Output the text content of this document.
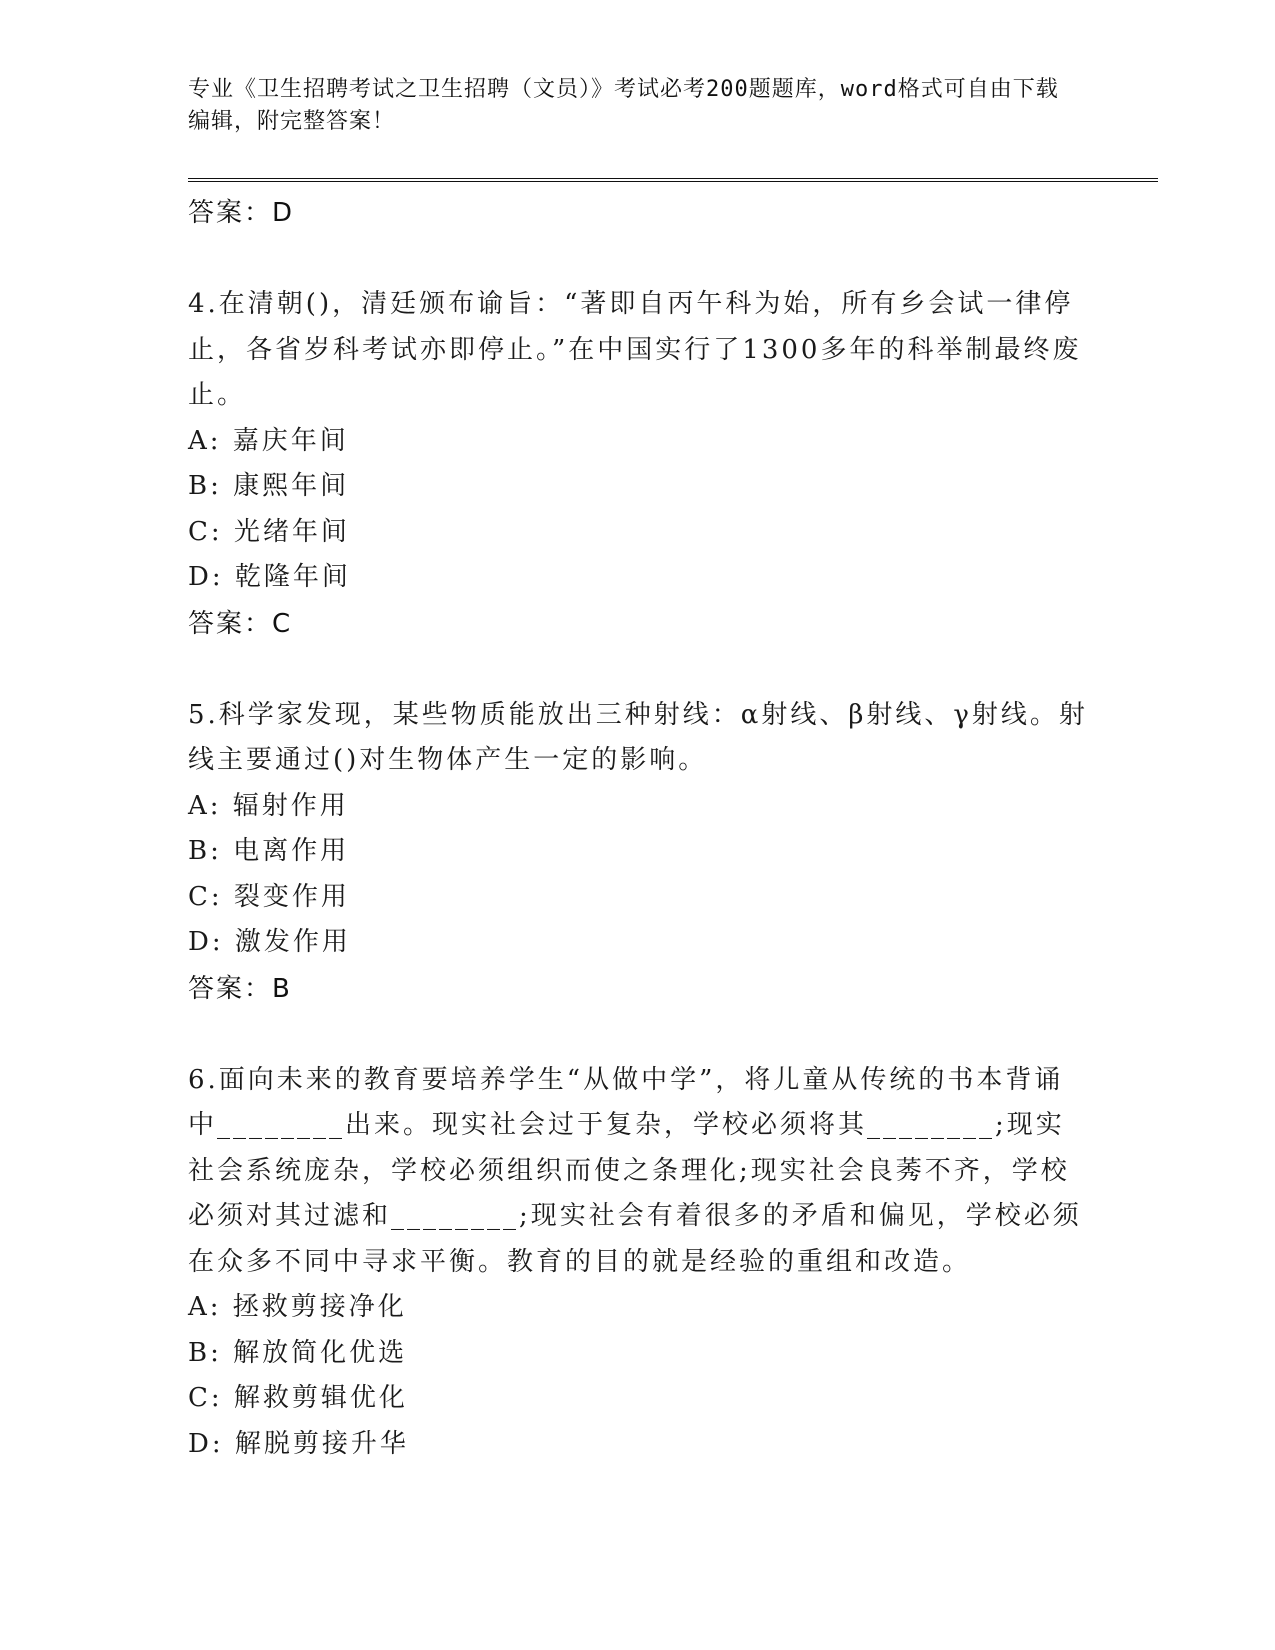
专业《卫生招聘考试之卫生招聘（文员）》考试必考200题题库，word格式可自由下载编辑，附完整答案！
答案：D
4.在清朝()，清廷颁布谕旨：“著即自丙午科为始，所有乡会试一律停止，各省岁科考试亦即停止。”在中国实行了1300多年的科举制最终废止。
A: 嘉庆年间
B: 康熙年间
C: 光绪年间
D: 乾隆年间
答案：C
5.科学家发现，某些物质能放出三种射线：α射线、β射线、γ射线。射线主要通过()对生物体产生一定的影响。
A: 辐射作用
B: 电离作用
C: 裂变作用
D: 激发作用
答案：B
6.面向未来的教育要培养学生“从做中学”，将儿童从传统的书本背诵中________出来。现实社会过于复杂，学校必须将其________;现实社会系统庞杂，学校必须组织而使之条理化;现实社会良莠不齐，学校必须对其过滤和________;现实社会有着很多的矛盾和偏见，学校必须在众多不同中寻求平衡。教育的目的就是经验的重组和改造。
A: 拯救剪接净化
B: 解放简化优选
C: 解救剪辑优化
D: 解脱剪接升华
